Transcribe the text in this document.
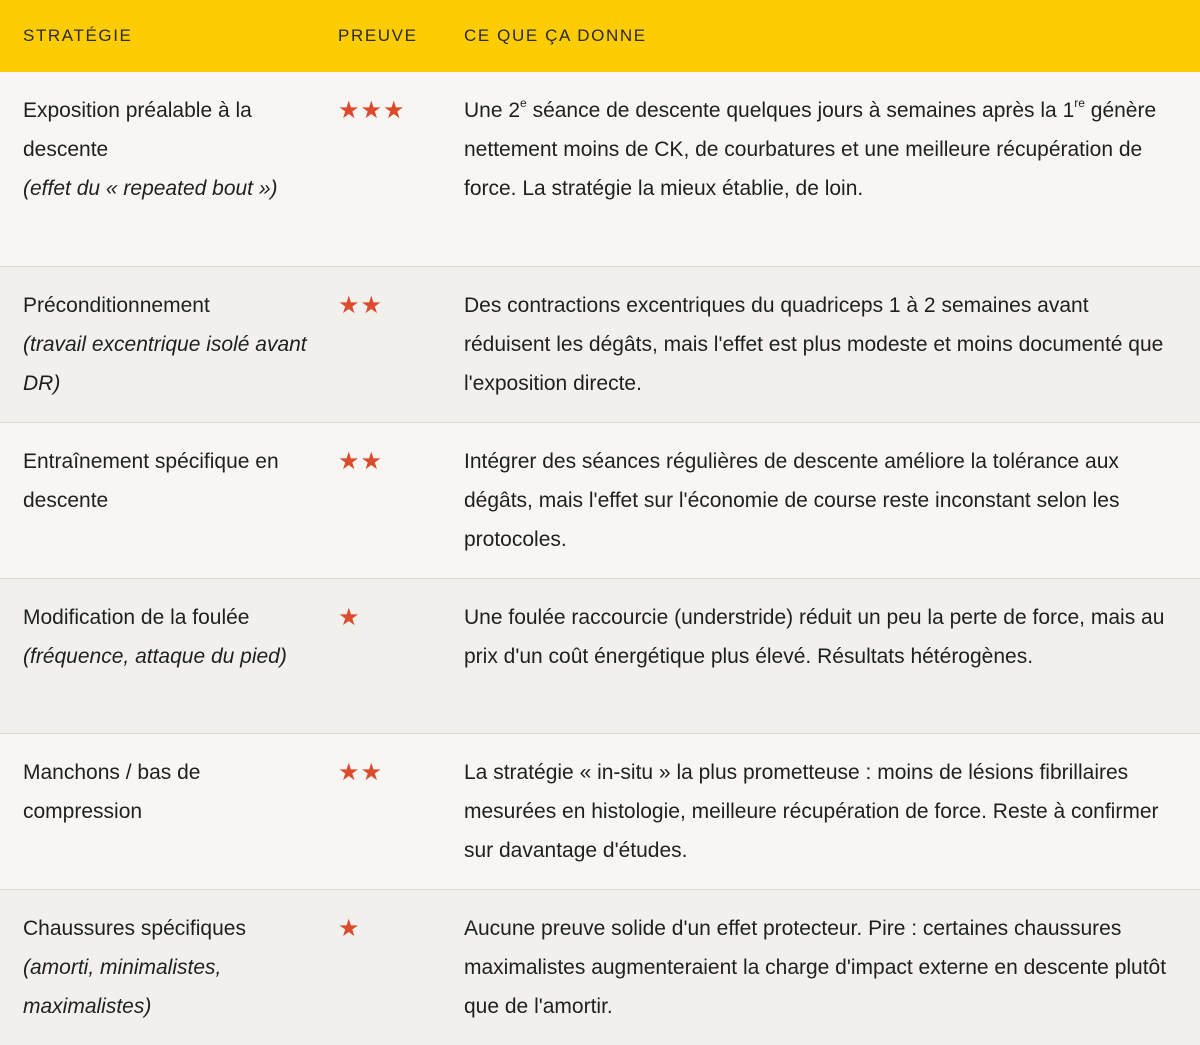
STRATÉGIE	PREUVE	CE QUE ÇA DONNE

Exposition préalable à la descente
(effet du « repeated bout »)	★★★	Une 2e séance de descente quelques jours à semaines après la 1re génère nettement moins de CK, de courbatures et une meilleure récupération de force. La stratégie la mieux établie, de loin.

Préconditionnement
(travail excentrique isolé avant DR)	★★	Des contractions excentriques du quadriceps 1 à 2 semaines avant réduisent les dégâts, mais l'effet est plus modeste et moins documenté que l'exposition directe.

Entraînement spécifique en descente	★★	Intégrer des séances régulières de descente améliore la tolérance aux dégâts, mais l'effet sur l'économie de course reste inconstant selon les protocoles.

Modification de la foulée
(fréquence, attaque du pied)	★	Une foulée raccourcie (understride) réduit un peu la perte de force, mais au prix d'un coût énergétique plus élevé. Résultats hétérogènes.

Manchons / bas de compression	★★	La stratégie « in-situ » la plus prometteuse : moins de lésions fibrillaires mesurées en histologie, meilleure récupération de force. Reste à confirmer sur davantage d'études.

Chaussures spécifiques
(amorti, minimalistes, maximalistes)	★	Aucune preuve solide d'un effet protecteur. Pire : certaines chaussures maximalistes augmenteraient la charge d'impact externe en descente plutôt que de l'amortir.
